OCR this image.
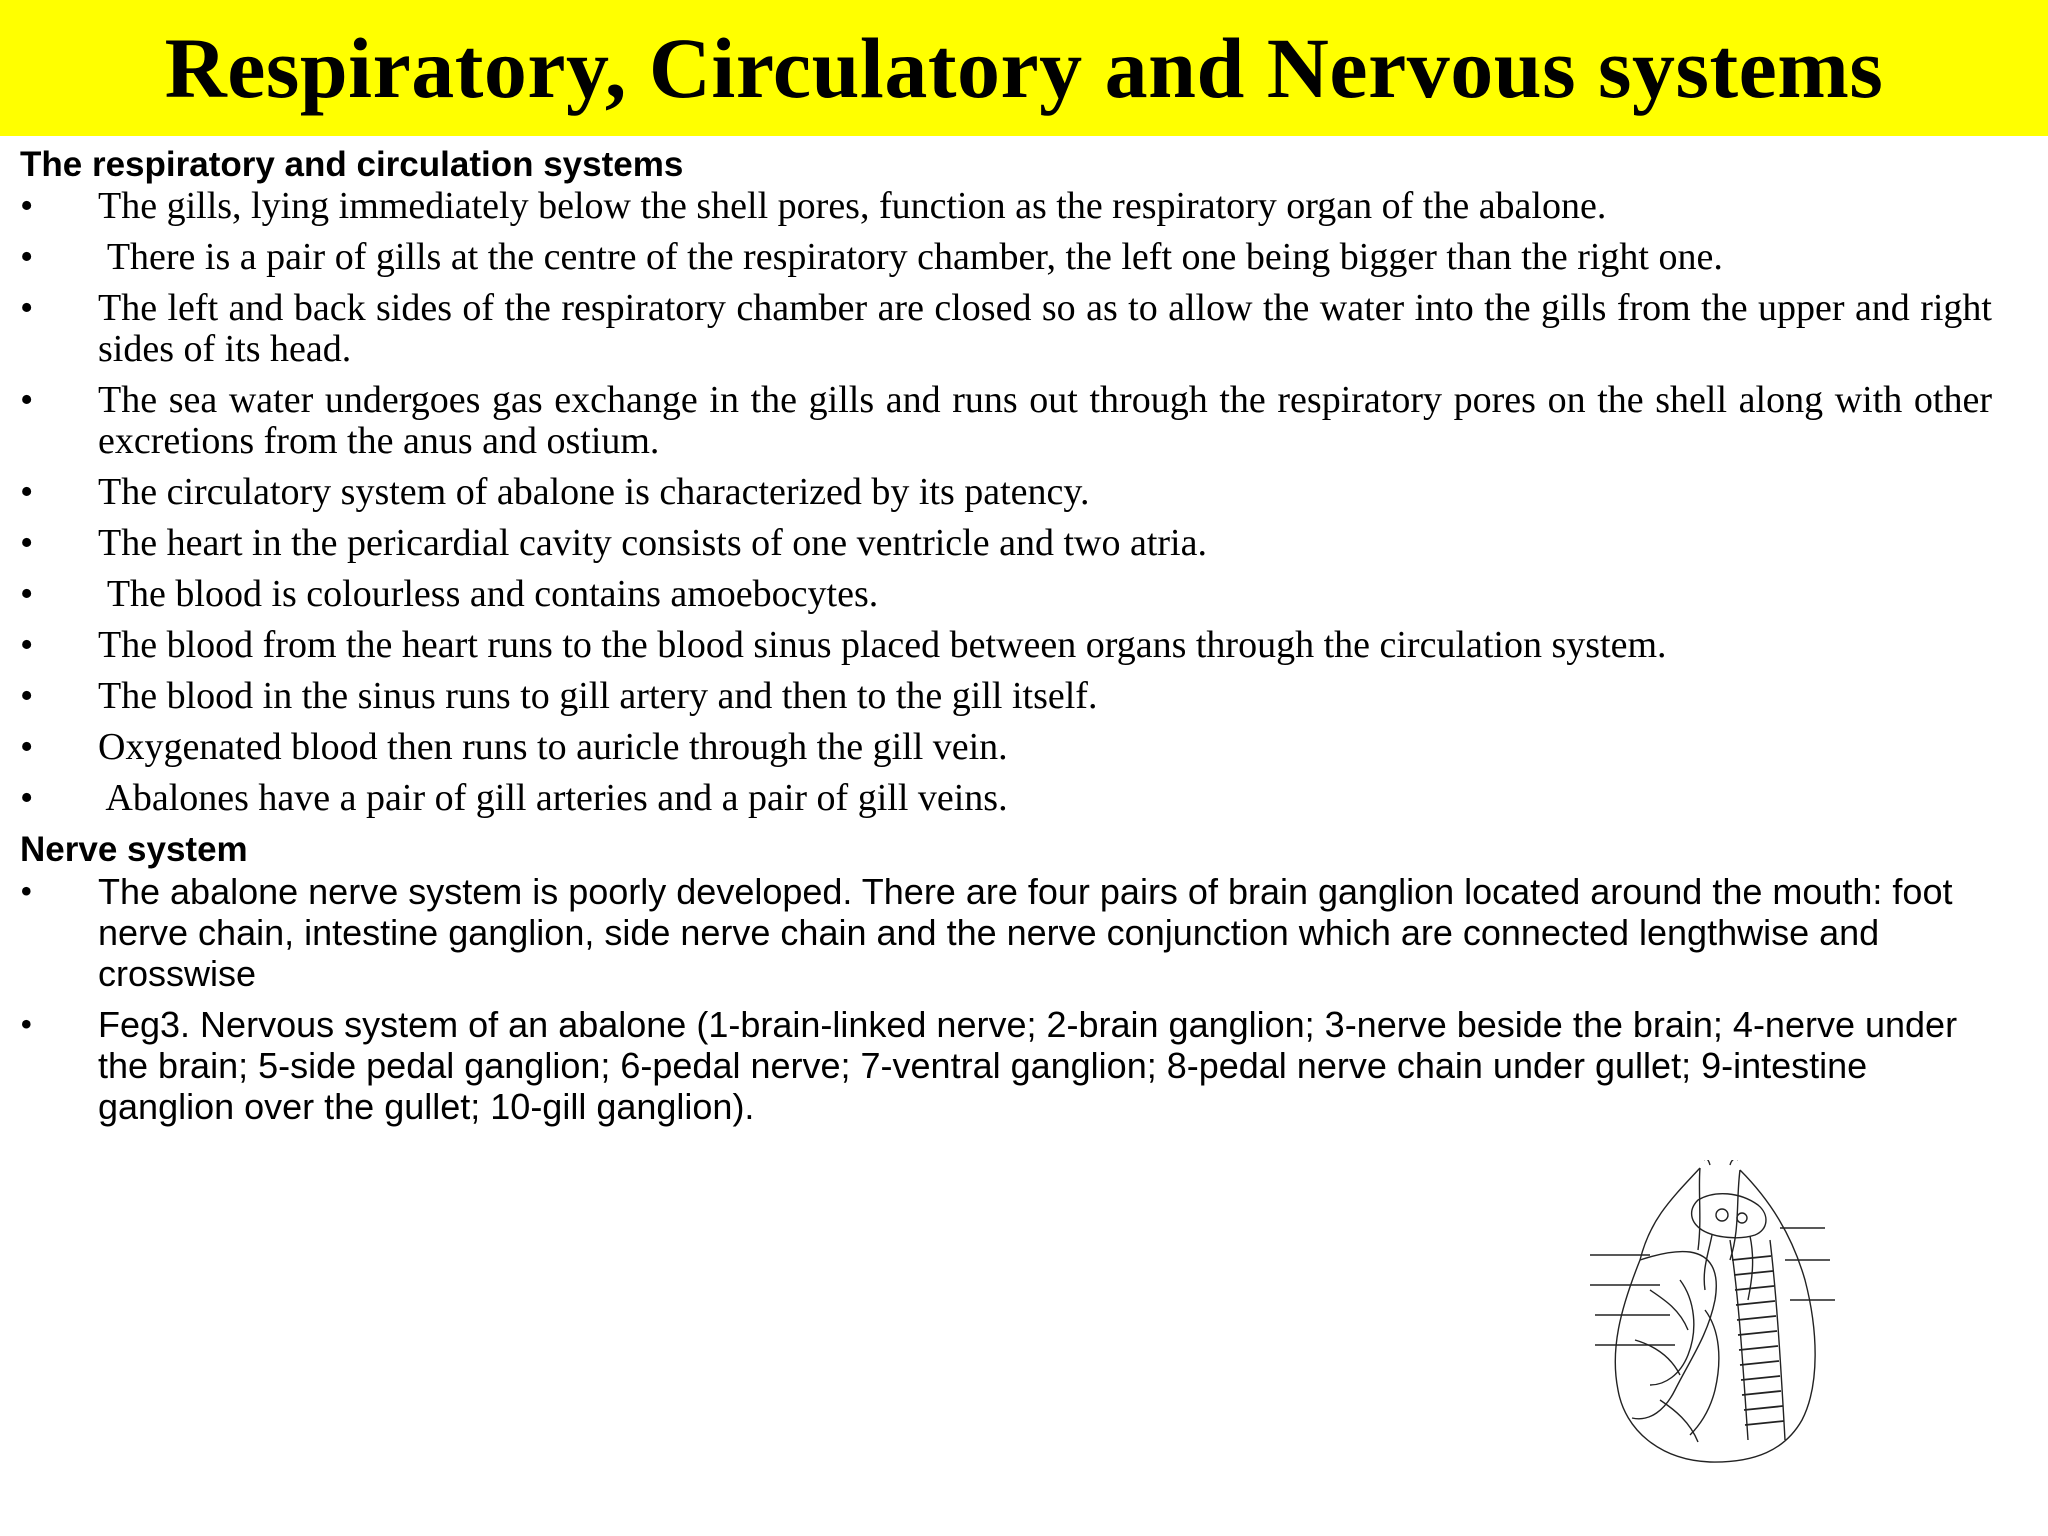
Respiratory, Circulatory and Nervous systems

The respiratory and circulation systems

• The gills, lying immediately below the shell pores, function as the respiratory organ of the abalone.
• There is a pair of gills at the centre of the respiratory chamber, the left one being bigger than the right one.
• The left and back sides of the respiratory chamber are closed so as to allow the water into the gills from the upper and right sides of its head.
• The sea water undergoes gas exchange in the gills and runs out through the respiratory pores on the shell along with other excretions from the anus and ostium.
• The circulatory system of abalone is characterized by its patency.
• The heart in the pericardial cavity consists of one ventricle and two atria.
• The blood is colourless and contains amoebocytes.
• The blood from the heart runs to the blood sinus placed between organs through the circulation system.
• The blood in the sinus runs to gill artery and then to the gill itself.
• Oxygenated blood then runs to auricle through the gill vein.
• Abalones have a pair of gill arteries and a pair of gill veins.

Nerve system

• The abalone nerve system is poorly developed. There are four pairs of brain ganglion located around the mouth: foot nerve chain, intestine ganglion, side nerve chain and the nerve conjunction which are connected lengthwise and crosswise
• Feg3. Nervous system of an abalone (1-brain-linked nerve; 2-brain ganglion; 3-nerve beside the brain; 4-nerve under the brain; 5-side pedal ganglion; 6-pedal nerve; 7-ventral ganglion; 8-pedal nerve chain under gullet; 9-intestine ganglion over the gullet; 10-gill ganglion).
